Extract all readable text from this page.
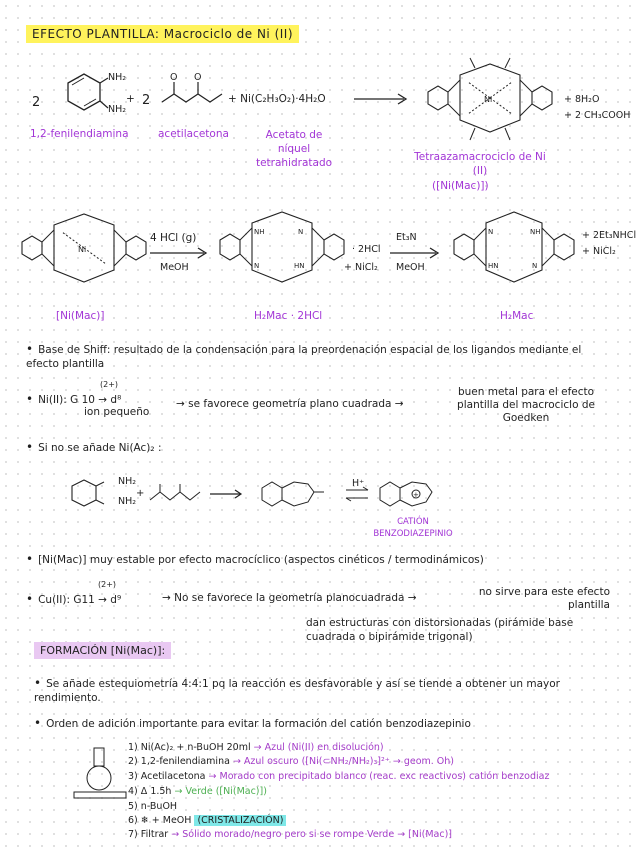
EFECTO PLANTILLA: Macrociclo de Ni (II)
2
NH₂
NH₂
+ 2
O O
+ Ni(C₂H₃O₂)·4H₂O	Ni	+ 8H₂O
+ 2 CH₃COOH
1,2-fenilendiamina	acetilacetona	Acetato de níquel tetrahidratado	Tetraazamacrociclo de Ni (II)
([Ni(Mac)])
Ni
4 HCl (g)
MeOH
NH	N
N	HN
· 2HCl
+ NiCl₂
Et₃N
MeOH
N	NH
HN	N
+ 2Et₃NHCl
+ NiCl₂
[Ni(Mac)]	H₂Mac · 2HCl	H₂Mac
• Base de Shiff: resultado de la condensación para la preordenación espacial de los ligandos mediante el efecto plantilla
• Ni(II): G 10 → d⁸
(2+)
ion pequeño
→ se favorece geometría plano cuadrada →
buen metal para el efecto plantilla del macrociclo de Goedken
• Si no se añade Ni(Ac)₂ :
+	+
NH₂
NH₂
H⁺
CATIÓN BENZODIAZEPINIO
• [Ni(Mac)] muy estable por efecto macrocíclico (aspectos cinéticos / termodinámicos)
• Cu(II): G11 → d⁹
(2+)
→ No se favorece la geometría planocuadrada →	no sirve para este efecto plantilla
dan estructuras con distorsionadas (pirámide base cuadrada o bipirámide trigonal)
FORMACIÓN [Ni(Mac)]:
• Se añade estequiometría 4:4:1 pq la reacción es desfavorable y así se tiende a obtener un mayor rendimiento.
• Orden de adición importante para evitar la formación del catión benzodiazepinio
1) Ni(Ac)₂ + n-BuOH 20ml → Azul (Ni(II) en disolución)
2) 1,2-fenilendiamina → Azul oscuro ([Ni(⊂NH₂/NH₂)₃]²⁺ → geom. Oh)
3) Acetilacetona → Morado con precipitado blanco (reac. exc reactivos) catión benzodiaz
4) Δ 1.5h → Verde ([Ni(Mac)])
5) n-BuOH
6) ❄ + MeOH (CRISTALIZACIÓN)
7) Filtrar → Sólido morado/negro pero si se rompe Verde → [Ni(Mac)]
